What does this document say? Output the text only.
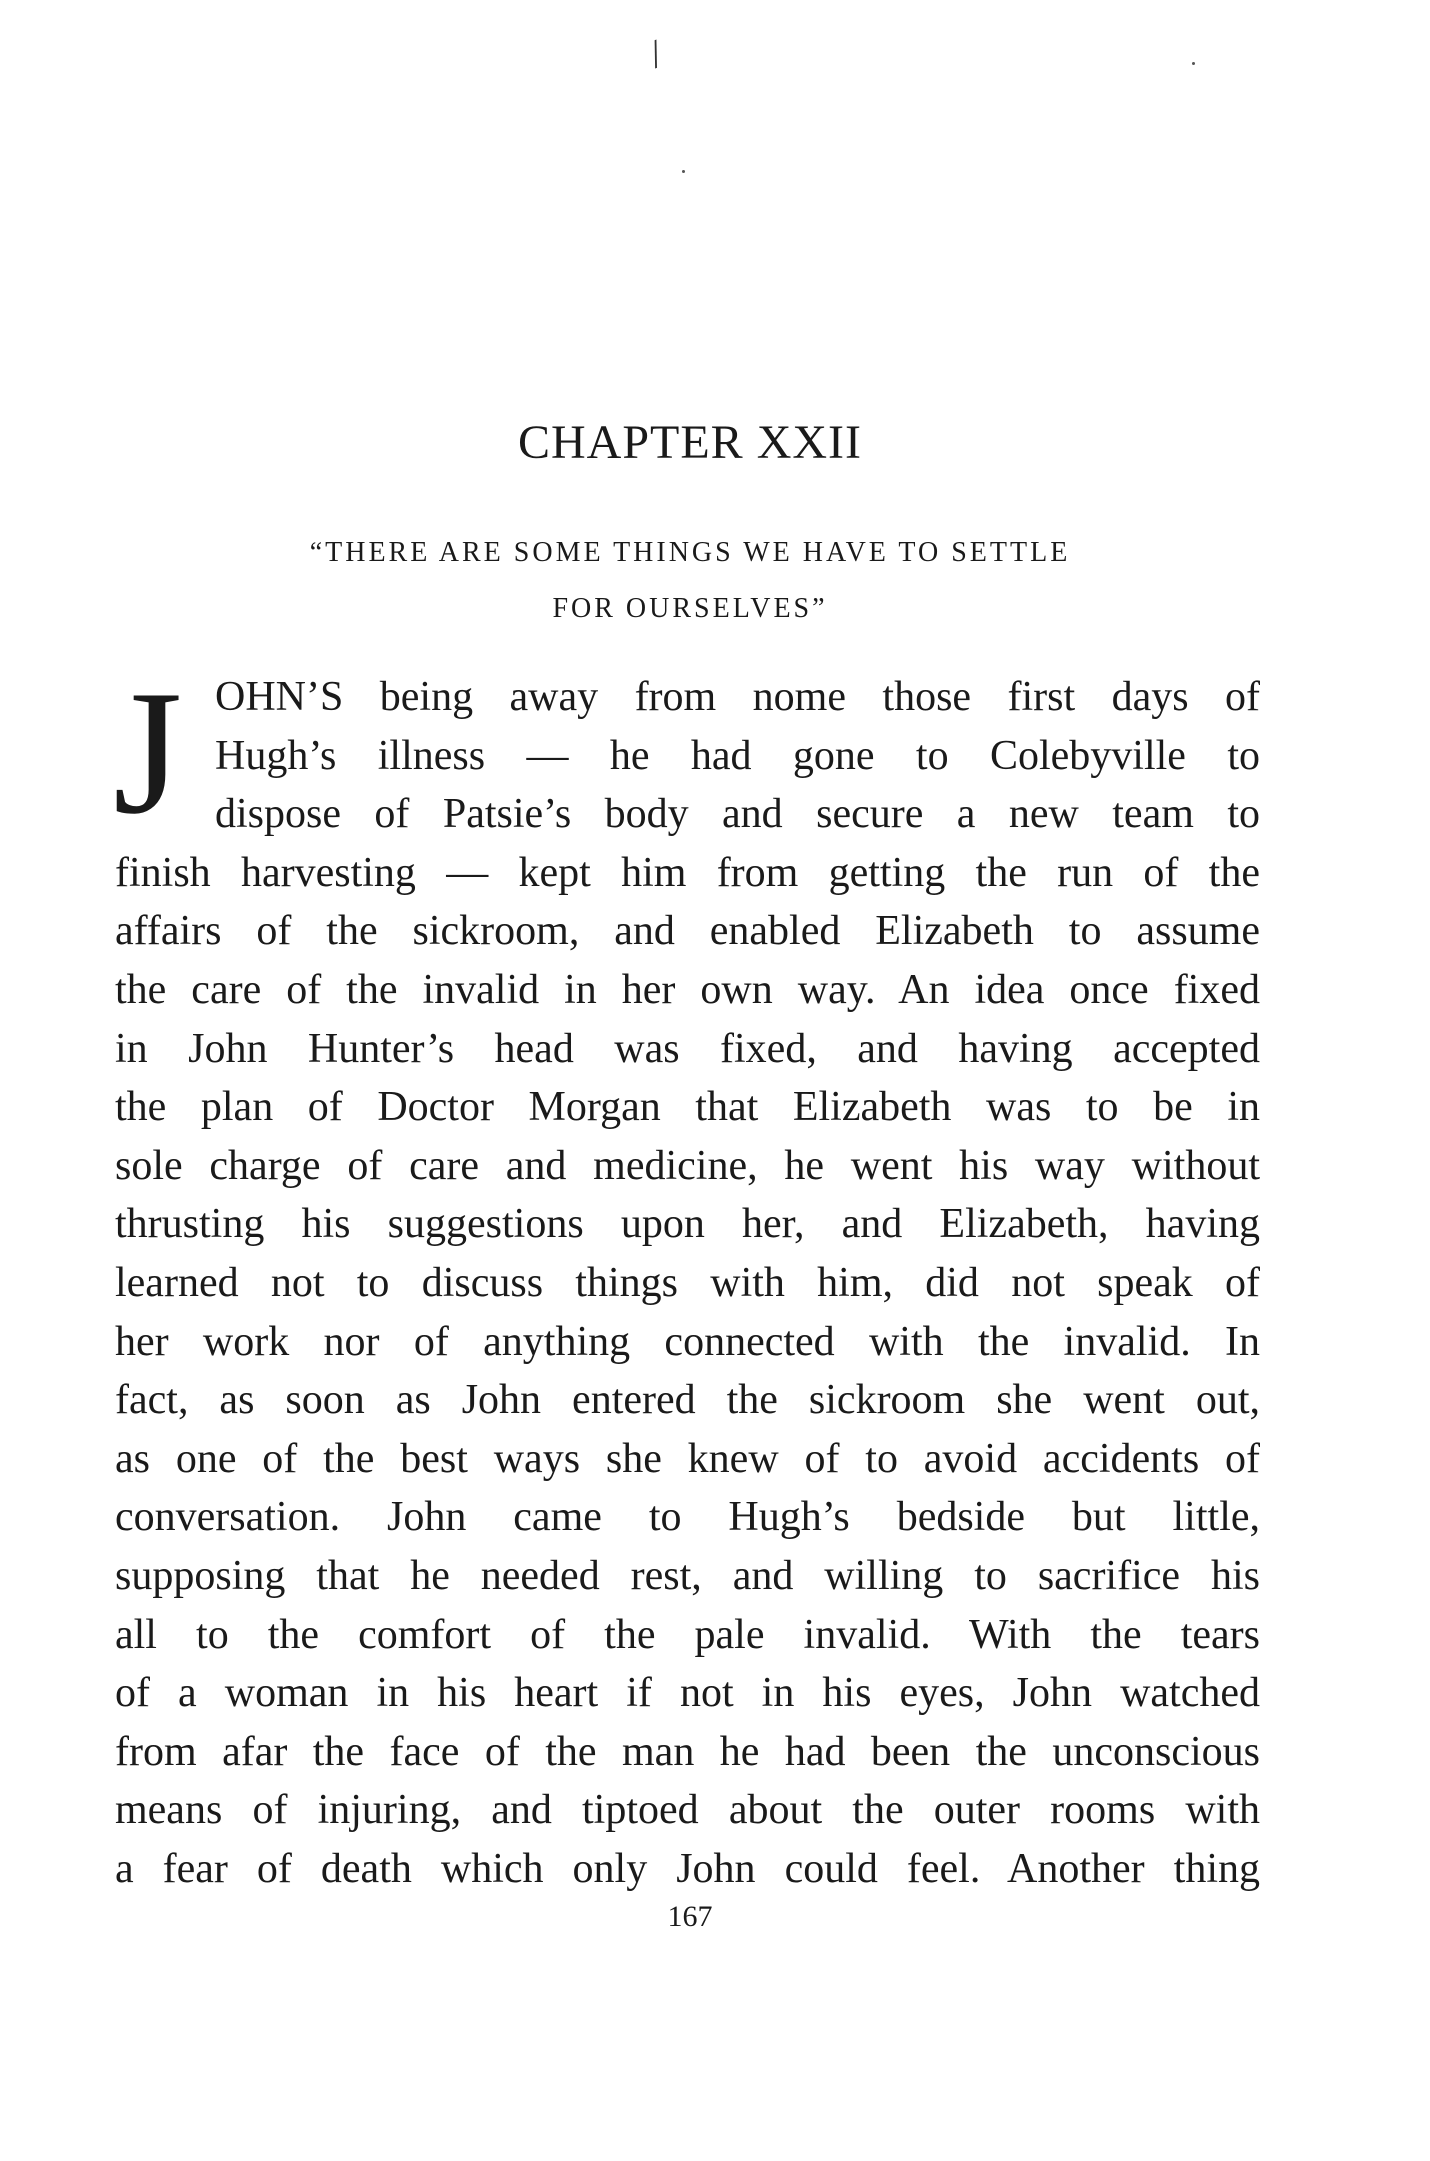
/
CHAPTER XXII
“THERE ARE SOME THINGS WE HAVE TO SETTLE
FOR OURSELVES”
J OHN’S being away from nome those first days of
Hugh’s illness — he had gone to Colebyville to
dispose of Patsie’s body and secure a new team to
finish harvesting — kept him from getting the run of the
affairs of the sickroom, and enabled Elizabeth to assume
the care of the invalid in her own way. An idea once fixed
in John Hunter’s head was fixed, and having accepted
the plan of Doctor Morgan that Elizabeth was to be in
sole charge of care and medicine, he went his way without
thrusting his suggestions upon her, and Elizabeth, having
learned not to discuss things with him, did not speak of
her work nor of anything connected with the invalid. In
fact, as soon as John entered the sickroom she went out,
as one of the best ways she knew of to avoid accidents of
conversation. John came to Hugh’s bedside but little,
supposing that he needed rest, and willing to sacrifice his
all to the comfort of the pale invalid. With the tears
of a woman in his heart if not in his eyes, John watched
from afar the face of the man he had been the unconscious
means of injuring, and tiptoed about the outer rooms with
a fear of death which only John could feel. Another thing
167
